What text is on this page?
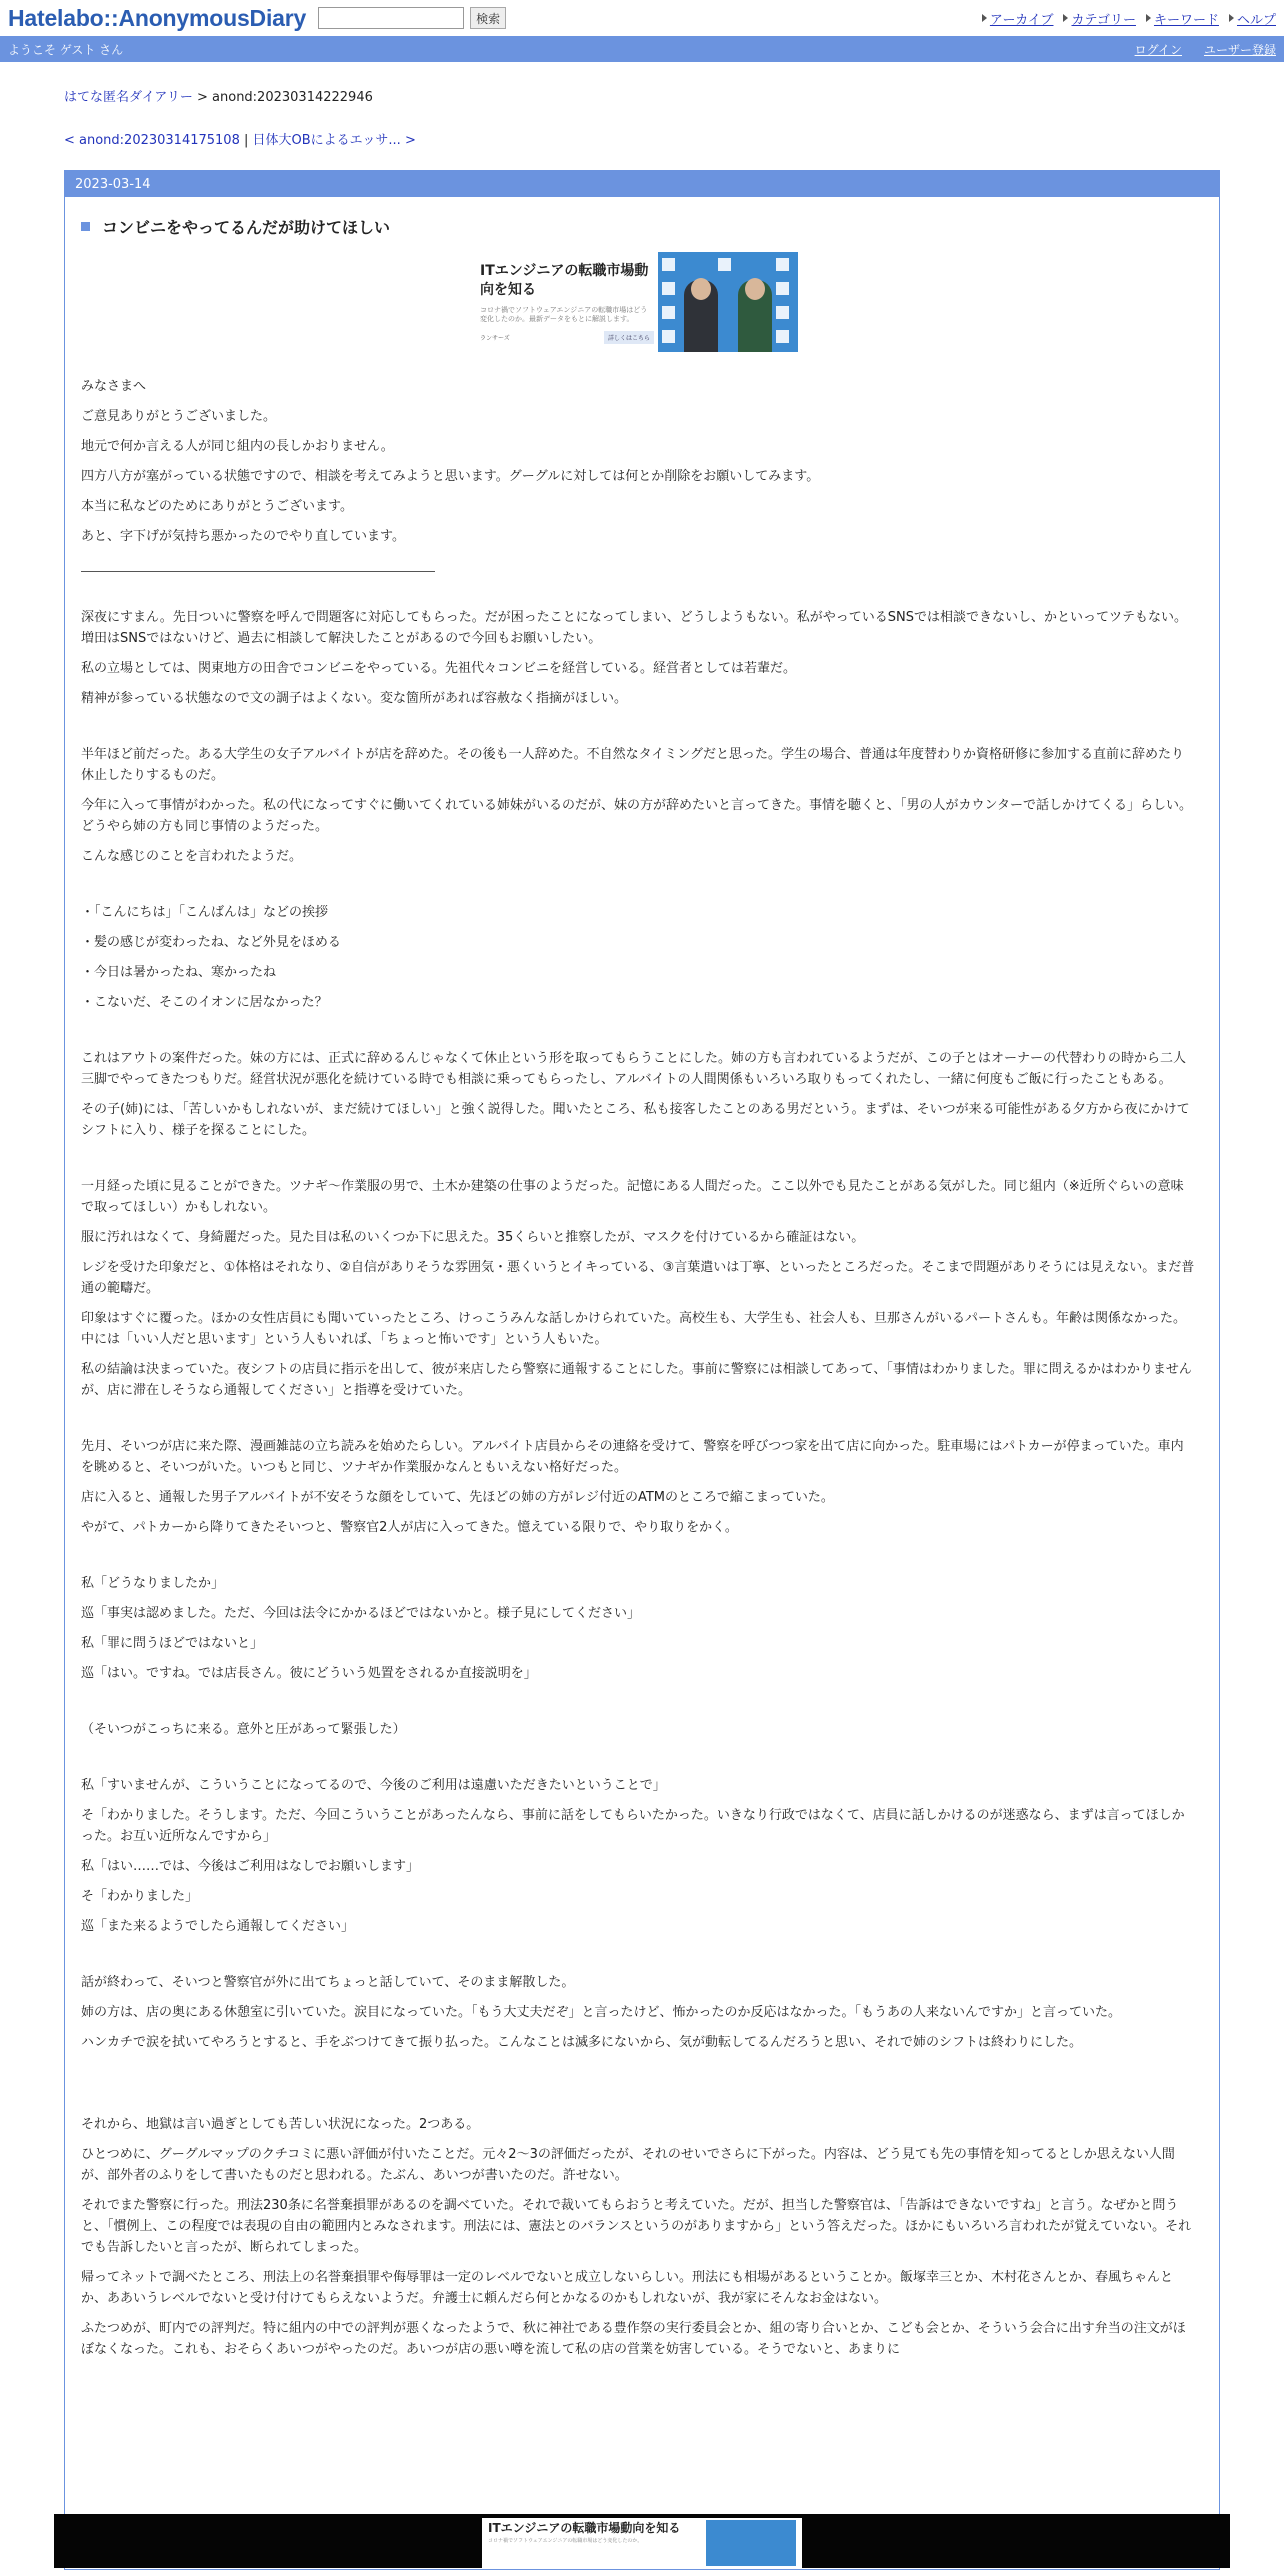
Hatelabo::AnonymousDiary	検索	アーカイブ カテゴリー キーワード ヘルプ
ようこそ ゲスト さん	ログイン ユーザー登録
はてな匿名ダイアリー > anond:20230314222946
< anond:20230314175108 | 日体大OBによるエッサ... >
2023-03-14
コンビニをやってるんだが助けてほしい
ITエンジニアの転職市場動向を知る
コロナ禍でソフトウェアエンジニアの転職市場はどう変化したのか。最新データをもとに解説します。
ランサーズ	詳しくはこちら

みなさまへ

ご意見ありがとうございました。

地元で何か言える人が同じ組内の長しかおりません。

四方八方が塞がっている状態ですので、相談を考えてみようと思います。グーグルに対しては何とか削除をお願いしてみます。

本当に私などのためにありがとうございます。

あと、字下げが気持ち悪かったのでやり直しています。

深夜にすまん。先日ついに警察を呼んで問題客に対応してもらった。だが困ったことになってしまい、どうしようもない。私がやっているSNSでは相談できないし、かといってツテもない。増田はSNSではないけど、過去に相談して解決したことがあるので今回もお願いしたい。

私の立場としては、関東地方の田舎でコンビニをやっている。先祖代々コンビニを経営している。経営者としては若輩だ。

精神が参っている状態なので文の調子はよくない。変な箇所があれば容赦なく指摘がほしい。

半年ほど前だった。ある大学生の女子アルバイトが店を辞めた。その後も一人辞めた。不自然なタイミングだと思った。学生の場合、普通は年度替わりか資格研修に参加する直前に辞めたり休止したりするものだ。

今年に入って事情がわかった。私の代になってすぐに働いてくれている姉妹がいるのだが、妹の方が辞めたいと言ってきた。事情を聴くと、「男の人がカウンターで話しかけてくる」らしい。どうやら姉の方も同じ事情のようだった。

こんな感じのことを言われたようだ。

・「こんにちは」「こんばんは」などの挨拶

・髪の感じが変わったね、など外見をほめる

・今日は暑かったね、寒かったね

・こないだ、そこのイオンに居なかった？

これはアウトの案件だった。妹の方には、正式に辞めるんじゃなくて休止という形を取ってもらうことにした。姉の方も言われているようだが、この子とはオーナーの代替わりの時から二人三脚でやってきたつもりだ。経営状況が悪化を続けている時でも相談に乗ってもらったし、アルバイトの人間関係もいろいろ取りもってくれたし、一緒に何度もご飯に行ったこともある。

その子(姉)には、「苦しいかもしれないが、まだ続けてほしい」と強く説得した。聞いたところ、私も接客したことのある男だという。まずは、そいつが来る可能性がある夕方から夜にかけてシフトに入り、様子を探ることにした。

一月経った頃に見ることができた。ツナギ～作業服の男で、土木か建築の仕事のようだった。記憶にある人間だった。ここ以外でも見たことがある気がした。同じ組内（※近所ぐらいの意味で取ってほしい）かもしれない。

服に汚れはなくて、身綺麗だった。見た目は私のいくつか下に思えた。35くらいと推察したが、マスクを付けているから確証はない。

レジを受けた印象だと、①体格はそれなり、②自信がありそうな雰囲気・悪くいうとイキっている、③言葉遣いは丁寧、といったところだった。そこまで問題がありそうには見えない。まだ普通の範疇だ。

印象はすぐに覆った。ほかの女性店員にも聞いていったところ、けっこうみんな話しかけられていた。高校生も、大学生も、社会人も、旦那さんがいるパートさんも。年齢は関係なかった。中には「いい人だと思います」という人もいれば、「ちょっと怖いです」という人もいた。

私の結論は決まっていた。夜シフトの店員に指示を出して、彼が来店したら警察に通報することにした。事前に警察には相談してあって、「事情はわかりました。罪に問えるかはわかりませんが、店に滞在しそうなら通報してください」と指導を受けていた。

先月、そいつが店に来た際、漫画雑誌の立ち読みを始めたらしい。アルバイト店員からその連絡を受けて、警察を呼びつつ家を出て店に向かった。駐車場にはパトカーが停まっていた。車内を眺めると、そいつがいた。いつもと同じ、ツナギか作業服かなんともいえない格好だった。

店に入ると、通報した男子アルバイトが不安そうな顔をしていて、先ほどの姉の方がレジ付近のATMのところで縮こまっていた。

やがて、パトカーから降りてきたそいつと、警察官2人が店に入ってきた。憶えている限りで、やり取りをかく。

私「どうなりましたか」

巡「事実は認めました。ただ、今回は法令にかかるほどではないかと。様子見にしてください」

私「罪に問うほどではないと」

巡「はい。ですね。では店長さん。彼にどういう処置をされるか直接説明を」

（そいつがこっちに来る。意外と圧があって緊張した）

私「すいませんが、こういうことになってるので、今後のご利用は遠慮いただきたいということで」

そ「わかりました。そうします。ただ、今回こういうことがあったんなら、事前に話をしてもらいたかった。いきなり行政ではなくて、店員に話しかけるのが迷惑なら、まずは言ってほしかった。お互い近所なんですから」

私「はい……では、今後はご利用はなしでお願いします」

そ「わかりました」

巡「また来るようでしたら通報してください」

話が終わって、そいつと警察官が外に出てちょっと話していて、そのまま解散した。

姉の方は、店の奥にある休憩室に引いていた。涙目になっていた。「もう大丈夫だぞ」と言ったけど、怖かったのか反応はなかった。「もうあの人来ないんですか」と言っていた。

ハンカチで涙を拭いてやろうとすると、手をぶつけてきて振り払った。こんなことは滅多にないから、気が動転してるんだろうと思い、それで姉のシフトは終わりにした。

それから、地獄は言い過ぎとしても苦しい状況になった。2つある。

ひとつめに、グーグルマップのクチコミに悪い評価が付いたことだ。元々2～3の評価だったが、それのせいでさらに下がった。内容は、どう見ても先の事情を知ってるとしか思えない人間が、部外者のふりをして書いたものだと思われる。たぶん、あいつが書いたのだ。許せない。

それでまた警察に行った。刑法230条に名誉棄損罪があるのを調べていた。それで裁いてもらおうと考えていた。だが、担当した警察官は、「告訴はできないですね」と言う。なぜかと問うと、「慣例上、この程度では表現の自由の範囲内とみなされます。刑法には、憲法とのバランスというのがありますから」という答えだった。ほかにもいろいろ言われたが覚えていない。それでも告訴したいと言ったが、断られてしまった。

帰ってネットで調べたところ、刑法上の名誉棄損罪や侮辱罪は一定のレベルでないと成立しないらしい。刑法にも相場があるということか。飯塚幸三とか、木村花さんとか、春風ちゃんとか、ああいうレベルでないと受け付けてもらえないようだ。弁護士に頼んだら何とかなるのかもしれないが、我が家にそんなお金はない。

ふたつめが、町内での評判だ。特に組内の中での評判が悪くなったようで、秋に神社である豊作祭の実行委員会とか、組の寄り合いとか、こども会とか、そういう会合に出す弁当の注文がほぼなくなった。これも、おそらくあいつがやったのだ。あいつが店の悪い噂を流して私の店の営業を妨害している。そうでないと、あまりに

ITエンジニアの転職市場動向を知る
コロナ禍でソフトウェアエンジニアの転職市場はどう変化したのか。
